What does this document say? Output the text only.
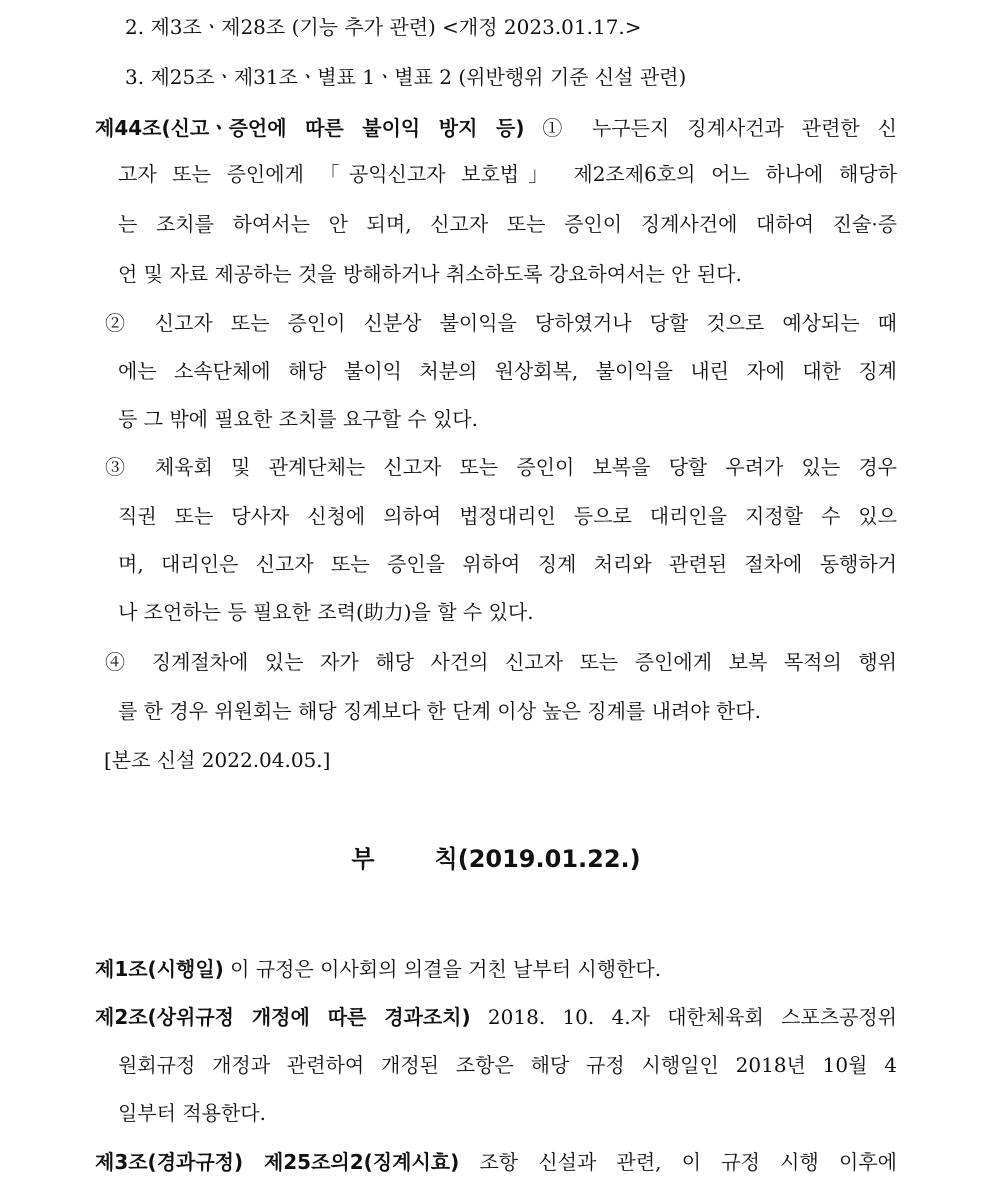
2. 제3조ㆍ제28조 (기능 추가 관련) <개정 2023.01.17.>
3. 제25조ㆍ제31조ㆍ별표 1ㆍ별표 2 (위반행위 기준 신설 관련)
제44조(신고ㆍ증언에 따른 불이익 방지 등) ① 누구든지 징계사건과 관련한 신
고자 또는 증인에게 「공익신고자 보호법」 제2조제6호의 어느 하나에 해당하
는 조치를 하여서는 안 되며, 신고자 또는 증인이 징계사건에 대하여 진술·증
언 및 자료 제공하는 것을 방해하거나 취소하도록 강요하여서는 안 된다.
② 신고자 또는 증인이 신분상 불이익을 당하였거나 당할 것으로 예상되는 때
에는 소속단체에 해당 불이익 처분의 원상회복, 불이익을 내린 자에 대한 징계
등 그 밖에 필요한 조치를 요구할 수 있다.
③ 체육회 및 관계단체는 신고자 또는 증인이 보복을 당할 우려가 있는 경우
직권 또는 당사자 신청에 의하여 법정대리인 등으로 대리인을 지정할 수 있으
며, 대리인은 신고자 또는 증인을 위하여 징계 처리와 관련된 절차에 동행하거
나 조언하는 등 필요한 조력(助力)을 할 수 있다.
④ 징계절차에 있는 자가 해당 사건의 신고자 또는 증인에게 보복 목적의 행위
를 한 경우 위원회는 해당 징계보다 한 단계 이상 높은 징계를 내려야 한다.
[본조 신설 2022.04.05.]
부	칙(2019.01.22.)
제1조(시행일) 이 규정은 이사회의 의결을 거친 날부터 시행한다.
제2조(상위규정 개정에 따른 경과조치) 2018. 10. 4.자 대한체육회 스포츠공정위
원회규정 개정과 관련하여 개정된 조항은 해당 규정 시행일인 2018년 10월 4
일부터 적용한다.
제3조(경과규정) 제25조의2(징계시효) 조항 신설과 관련, 이 규정 시행 이후에
